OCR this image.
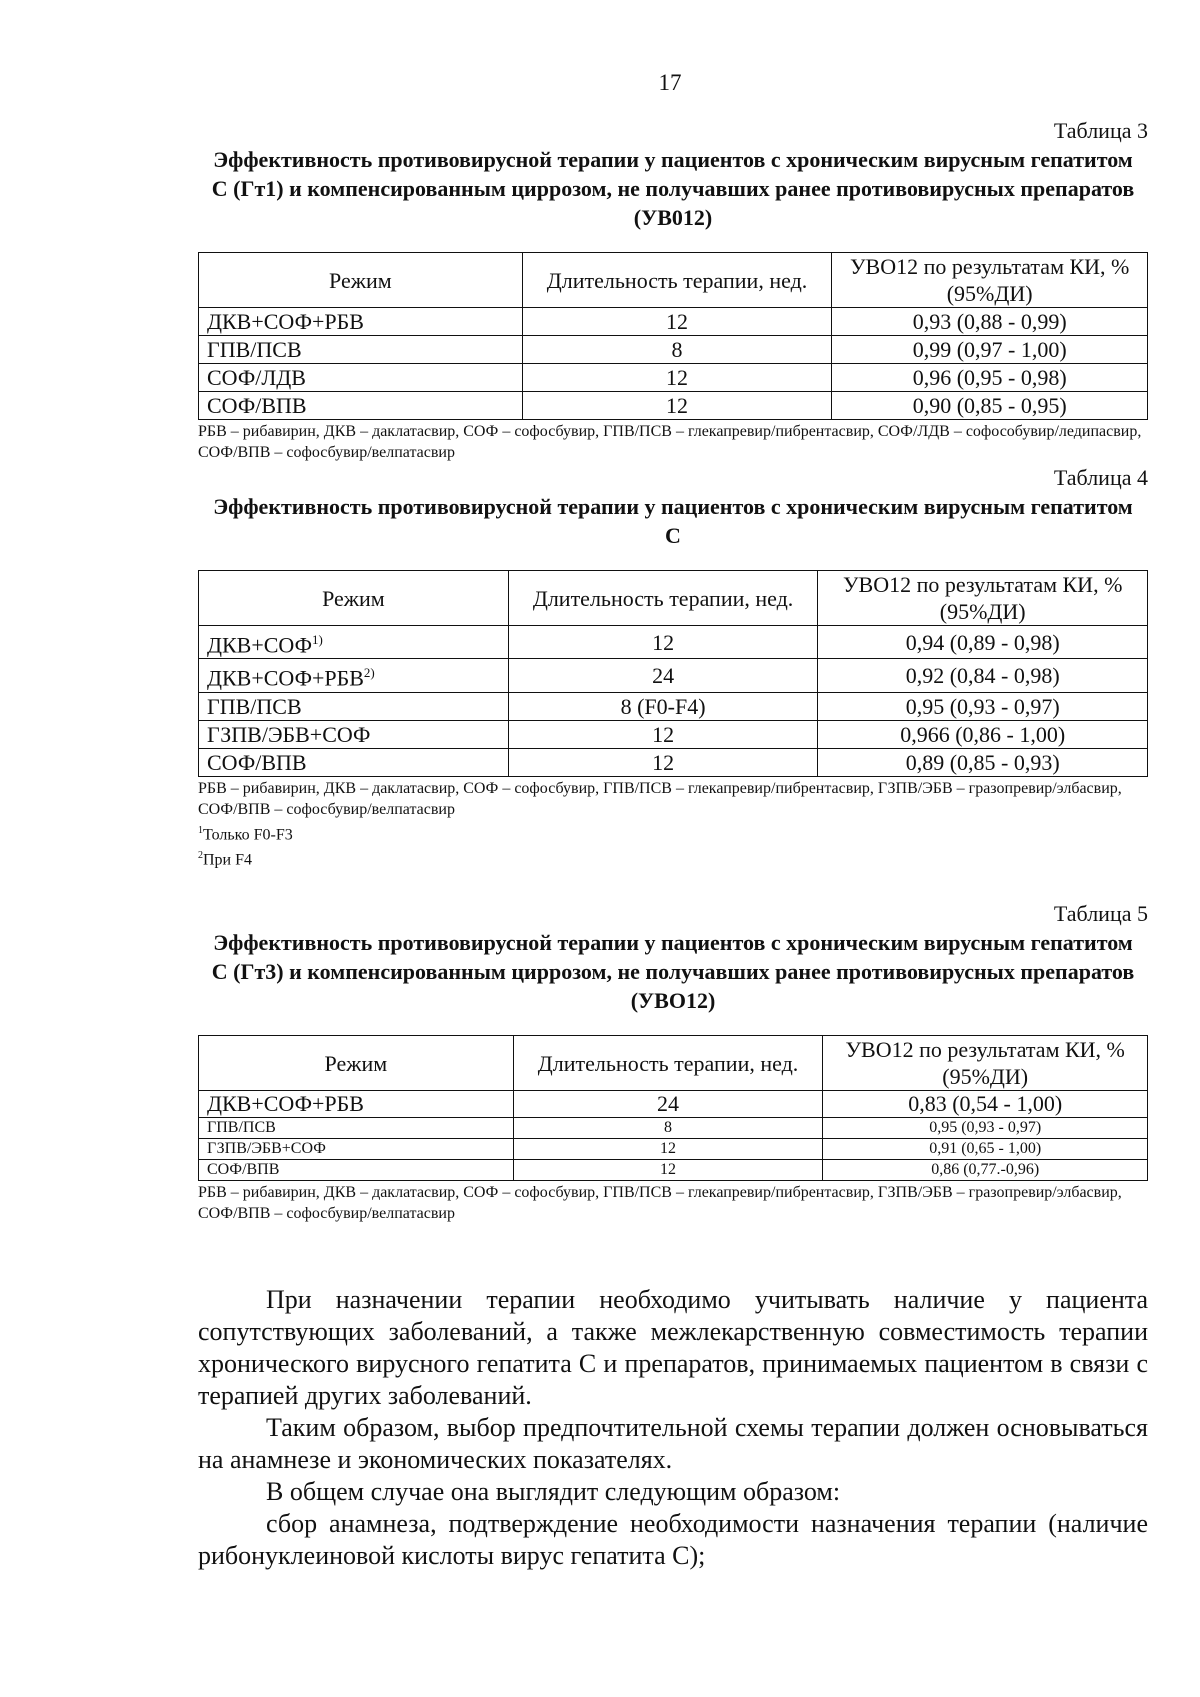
17
Таблица 3
Эффективность противовирусной терапии у пациентов с хроническим вирусным гепатитом С (Гт1) и компенсированным циррозом, не получавших ранее противовирусных препаратов (УВ012)
Режим	Длительность терапии, нед.	УВО12 по результатам КИ, % (95%ДИ)
ДКВ+СОФ+РБВ	12	0,93 (0,88 - 0,99)
ГПВ/ПСВ	8	0,99 (0,97 - 1,00)
СОФ/ЛДВ	12	0,96 (0,95 - 0,98)
СОФ/ВПВ	12	0,90 (0,85 - 0,95)
РБВ – рибавирин, ДКВ – даклатасвир, СОФ – софосбувир, ГПВ/ПСВ – глекапревир/пибрентасвир, СОФ/ЛДВ – софособувир/ледипасвир, СОФ/ВПВ – софосбувир/велпатасвир
Таблица 4
Эффективность противовирусной терапии у пациентов с хроническим вирусным гепатитом С
Режим	Длительность терапии, нед.	УВО12 по результатам КИ, % (95%ДИ)
$ДКВ+СОФ^{1)}$	12	0,94 (0,89 - 0,98)
$ДКВ+СОФ+РБВ^{2)}$	24	0,92 (0,84 - 0,98)
ГПВ/ПСВ	8 (F0-F4)	0,95 (0,93 - 0,97)
ГЗПВ/ЭБВ+СОФ	12	0,966 (0,86 - 1,00)
СОФ/ВПВ	12	0,89 (0,85 - 0,93)
РБВ – рибавирин, ДКВ – даклатасвир, СОФ – софосбувир, ГПВ/ПСВ – глекапревир/пибрентасвир, ГЗПВ/ЭБВ – гразопревир/элбасвир, СОФ/ВПВ – софосбувир/велпатасвир
$^1$Только F0-F3
$^2$При F4
Таблица 5
Эффективность противовирусной терапии у пациентов с хроническим вирусным гепатитом С (Гт3) и компенсированным циррозом, не получавших ранее противовирусных препаратов (УВО12)
Режим	Длительность терапии, нед.	УВО12 по результатам КИ, % (95%ДИ)
ДКВ+СОФ+РБВ	24	0,83 (0,54 - 1,00)
ГПВ/ПСВ	8	0,95 (0,93 - 0,97)
ГЗПВ/ЭБВ+СОФ	12	0,91 (0,65 - 1,00)
СОФ/ВПВ	12	0,86 (0,77.-0,96)
РБВ – рибавирин, ДКВ – даклатасвир, СОФ – софосбувир, ГПВ/ПСВ – глекапревир/пибрентасвир, ГЗПВ/ЭБВ – гразопревир/элбасвир, СОФ/ВПВ – софосбувир/велпатасвир

При назначении терапии необходимо учитывать наличие у пациента сопутствующих заболеваний, а также межлекарственную совместимость терапии хронического вирусного гепатита С и препаратов, принимаемых пациентом в связи с терапией других заболеваний.

Таким образом, выбор предпочтительной схемы терапии должен основываться на анамнезе и экономических показателях.

В общем случае она выглядит следующим образом:

сбор анамнеза, подтверждение необходимости назначения терапии (наличие рибонуклеиновой кислоты вирус гепатита С);
